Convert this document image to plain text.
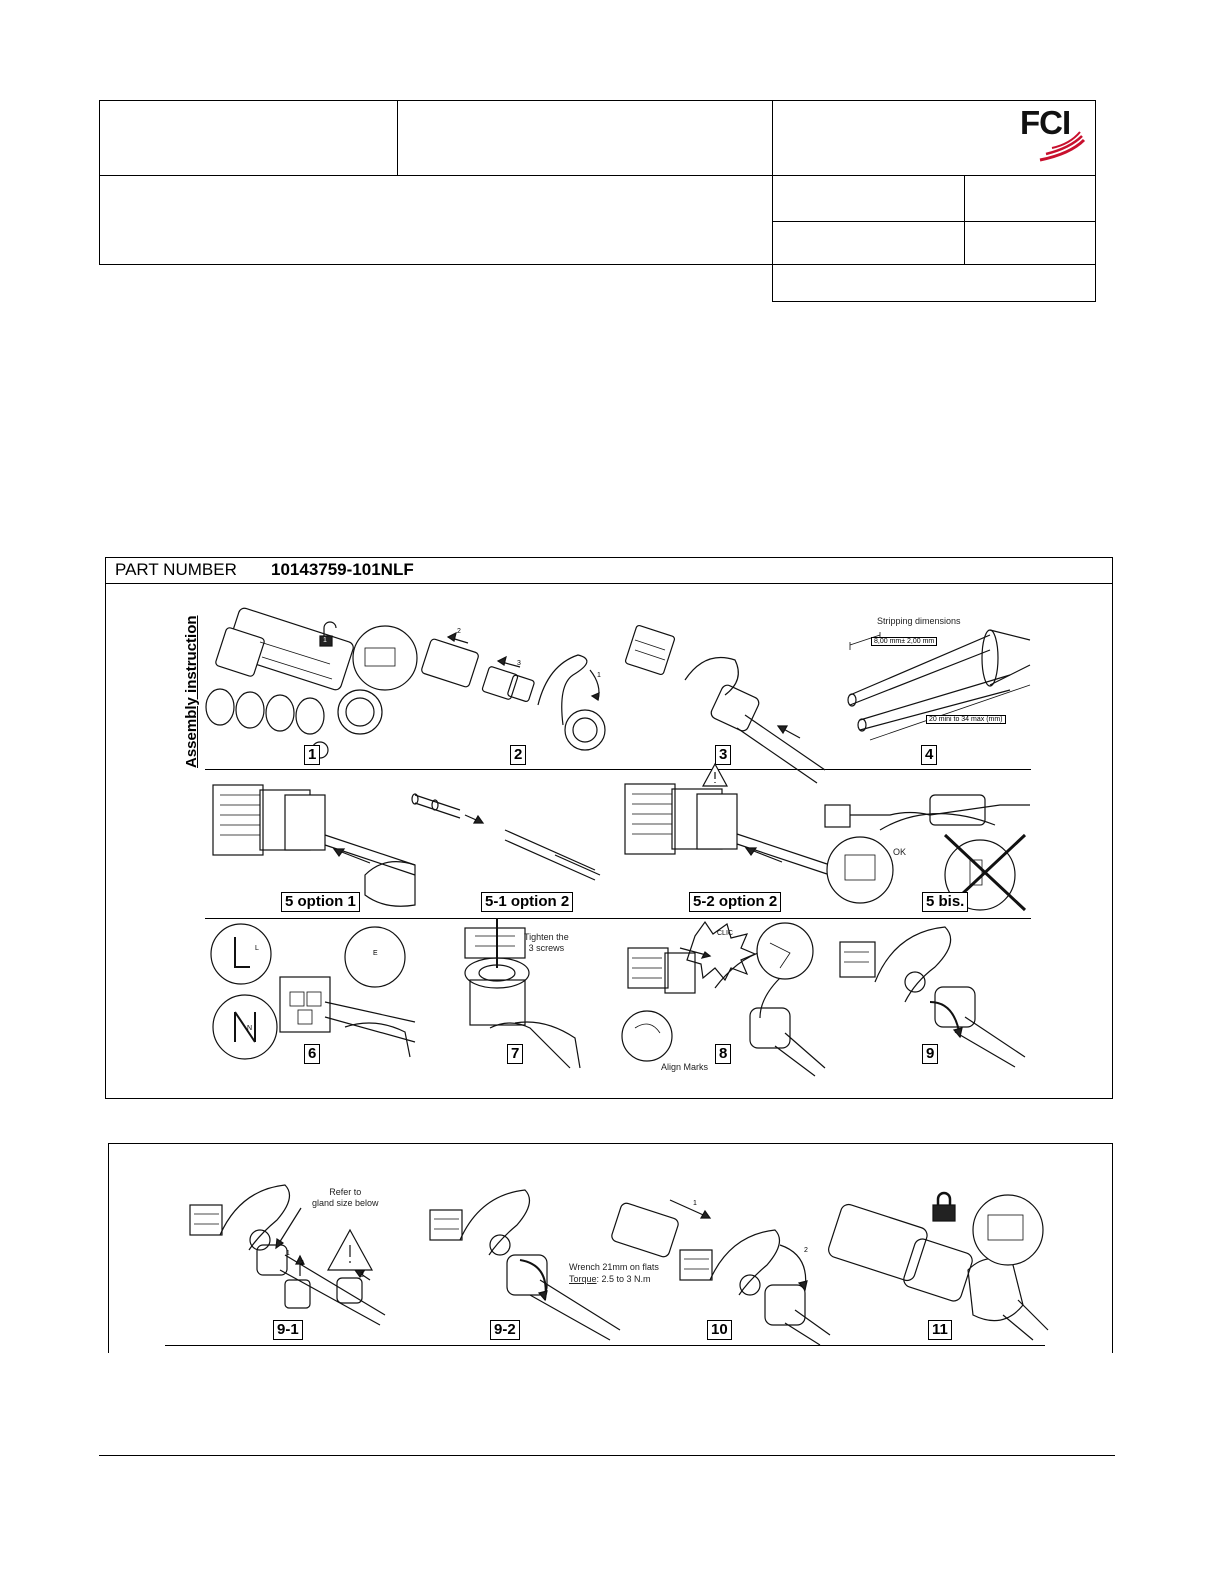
FCI
PART NUMBER 10143759-101NLF
Assembly instruction	1
1
2
3
1
2	3
Stripping dimensions
8,00 mm± 2,00 mm
20 mini to 34 max (mm)
4
5 option 1	5-1 option 2	5-2 option 2
OK
5 bis.
L
E
N
6
Tighten the
3 screws
7
CLIC
Align Marks
8	9
Refer to
gland size below
1
2
3
9-1
Wrench 21mm on flats
Torque: 2.5 to 3 N.m
9-2
1
2
10	11
